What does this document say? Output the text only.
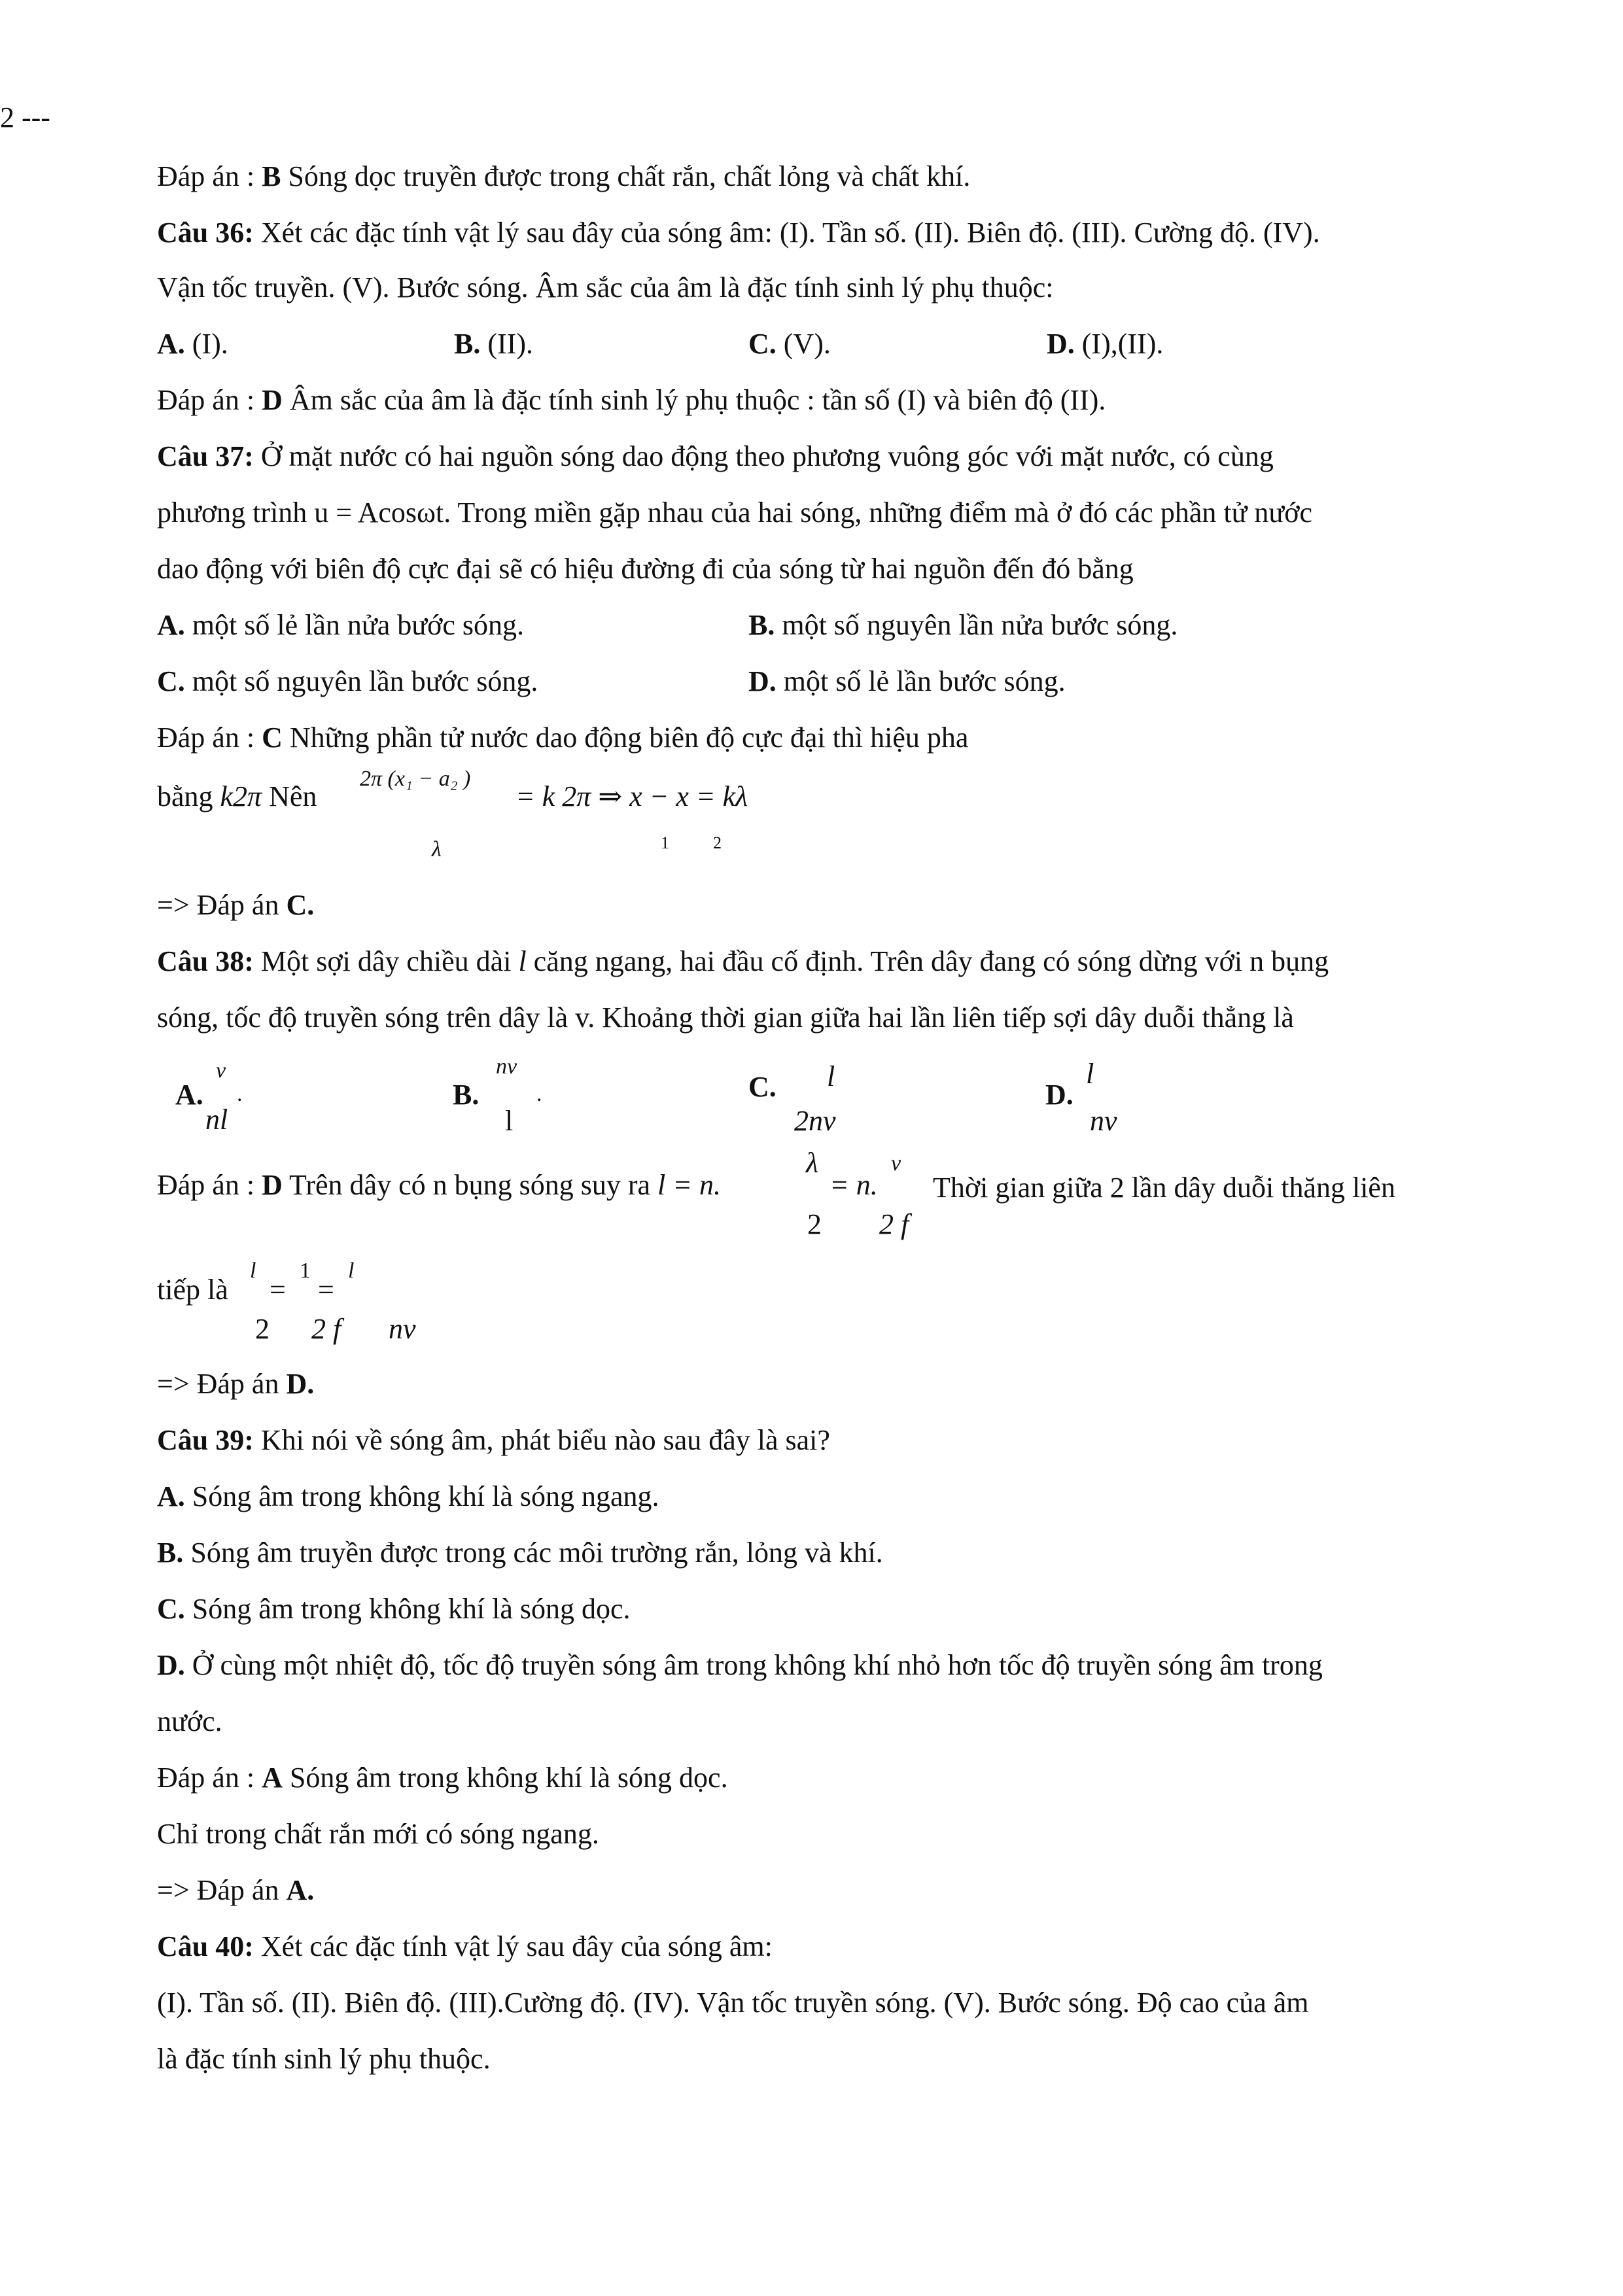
2 ---
Đáp án : B Sóng dọc truyền được trong chất rắn, chất lỏng và chất khí.
Câu 36: Xét các đặc tính vật lý sau đây của sóng âm: (I). Tần số. (II). Biên độ. (III). Cường độ. (IV).
Vận tốc truyền. (V). Bước sóng. Âm sắc của âm là đặc tính sinh lý phụ thuộc:
A. (I).	B. (II).	C. (V).	D. (I),(II).
Đáp án : D Âm sắc của âm là đặc tính sinh lý phụ thuộc : tần số (I) và biên độ (II).
Câu 37: Ở mặt nước có hai nguồn sóng dao động theo phương vuông góc với mặt nước, có cùng
phương trình u = Acosωt. Trong miền gặp nhau của hai sóng, những điểm mà ở đó các phần tử nước
dao động với biên độ cực đại sẽ có hiệu đường đi của sóng từ hai nguồn đến đó bằng
A. một số lẻ lần nửa bước sóng.	B. một số nguyên lần nửa bước sóng.
C. một số nguyên lần bước sóng.	D. một số lẻ lần bước sóng.
Đáp án : C Những phần tử nước dao động biên độ cực đại thì hiệu pha
bằng k2π Nên
2π (x₁ − a₂ )
= k 2π ⇒ x − x = kλ
λ	1	2
=> Đáp án C.
Câu 38: Một sợi dây chiều dài l căng ngang, hai đầu cố định. Trên dây đang có sóng dừng với n bụng
sóng, tốc độ truyền sóng trên dây là v. Khoảng thời gian giữa hai lần liên tiếp sợi dây duỗi thẳng là
A.
v
nl
.	B.
nv
l
.	C. l
2nv
D.
l
nv
Đáp án : D Trên dây có n bụng sóng suy ra l = n.
λ
2
= n.
v
2 f
Thời gian giữa 2 lần dây duỗi thăng liên
tiếp là
l
=
1
=
l
2 2 f nv
=> Đáp án D.
Câu 39: Khi nói về sóng âm, phát biểu nào sau đây là sai?
A. Sóng âm trong không khí là sóng ngang.
B. Sóng âm truyền được trong các môi trường rắn, lỏng và khí.
C. Sóng âm trong không khí là sóng dọc.
D. Ở cùng một nhiệt độ, tốc độ truyền sóng âm trong không khí nhỏ hơn tốc độ truyền sóng âm trong
nước.
Đáp án : A Sóng âm trong không khí là sóng dọc.
Chỉ trong chất rắn mới có sóng ngang.
=> Đáp án A.
Câu 40: Xét các đặc tính vật lý sau đây của sóng âm:
(I). Tần số. (II). Biên độ. (III).Cường độ. (IV). Vận tốc truyền sóng. (V). Bước sóng. Độ cao của âm
là đặc tính sinh lý phụ thuộc.
